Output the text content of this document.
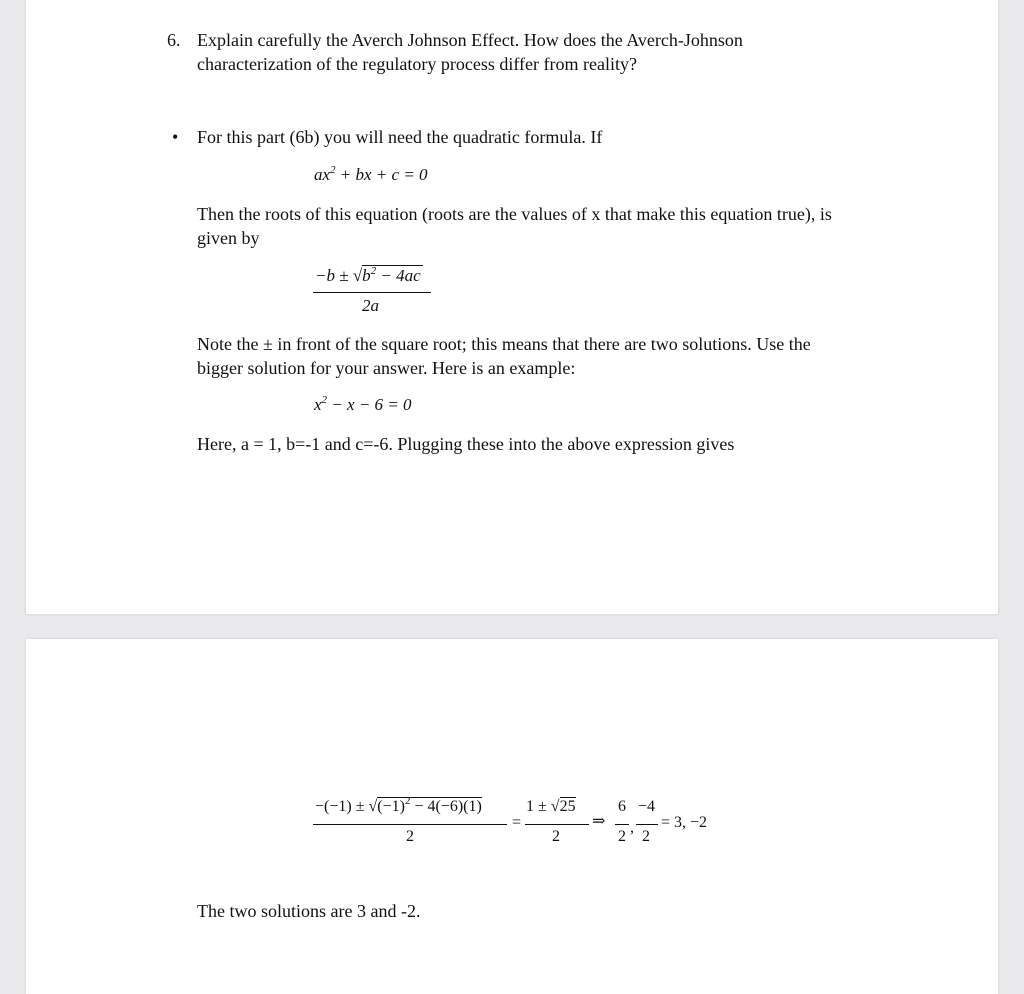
6. Explain carefully the Averch Johnson Effect. How does the Averch-Johnson
characterization of the regulatory process differ from reality?
• For this part (6b) you will need the quadratic formula. If
$ax^2$ + bx + c = 0
Then the roots of this equation (roots are the values of x that make this equation true), is
given by
$-b \pm √b^2 - 4ac$
2a
Note the ± in front of the square root; this means that there are two solutions. Use the
bigger solution for your answer. Here is an example:
$x^2 - x - 6 = 0$
Here, a = 1, b=-1 and c=-6. Plugging these into the above expression gives
$-(-1) \pm √(-1)^2 - 4(-6)(1)$
2
=
1 ± √25
2
⇒
6
2
,
−4
2
= 3, −2
The two solutions are 3 and -2.
